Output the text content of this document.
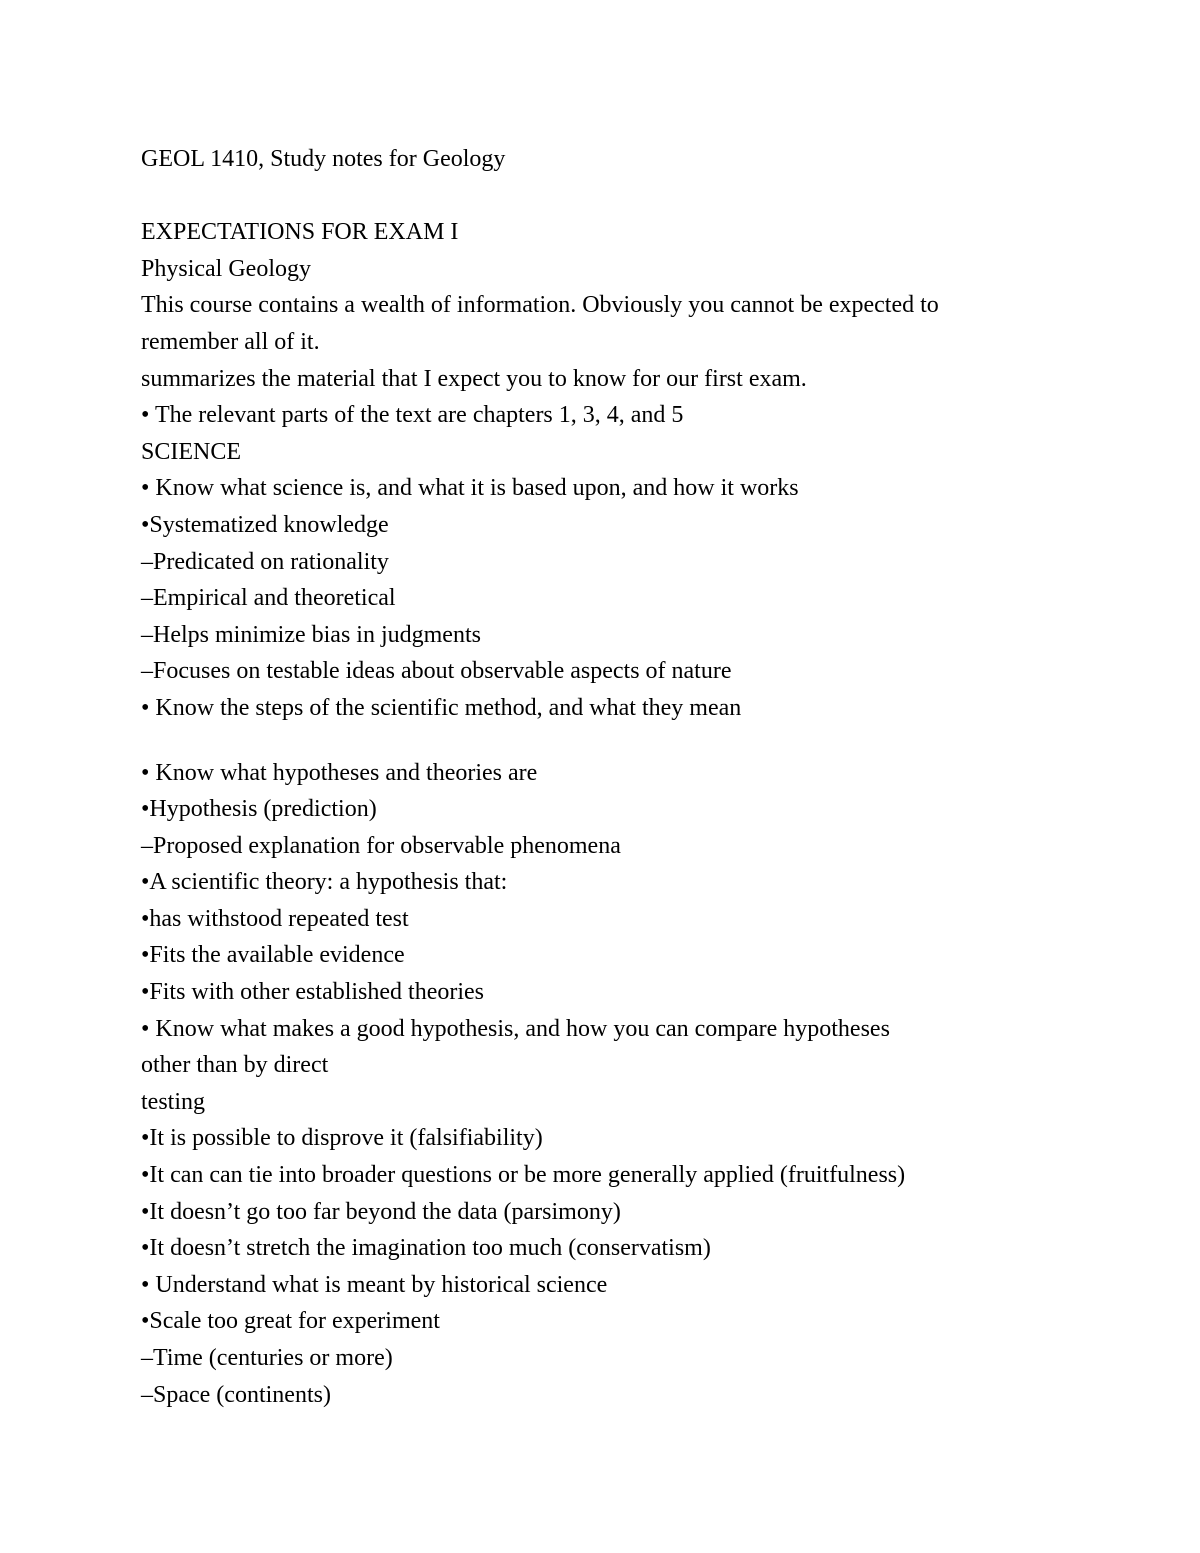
GEOL 1410, Study notes for Geology
EXPECTATIONS FOR EXAM I
Physical Geology
This course contains a wealth of information. Obviously you cannot be expected to
remember all of it.
summarizes the material that I expect you to know for our first exam.
• The relevant parts of the text are chapters 1, 3, 4, and 5
SCIENCE
• Know what science is, and what it is based upon, and how it works
•Systematized knowledge
–Predicated on rationality
–Empirical and theoretical
–Helps minimize bias in judgments
–Focuses on testable ideas about observable aspects of nature
• Know the steps of the scientific method, and what they mean
• Know what hypotheses and theories are
•Hypothesis (prediction)
–Proposed explanation for observable phenomena
•A scientific theory: a hypothesis that:
•has withstood repeated test
•Fits the available evidence
•Fits with other established theories
• Know what makes a good hypothesis, and how you can compare hypotheses
other than by direct
testing
•It is possible to disprove it (falsifiability)
•It can can tie into broader questions or be more generally applied (fruitfulness)
•It doesn’t go too far beyond the data (parsimony)
•It doesn’t stretch the imagination too much (conservatism)
• Understand what is meant by historical science
•Scale too great for experiment
–Time (centuries or more)
–Space (continents)
